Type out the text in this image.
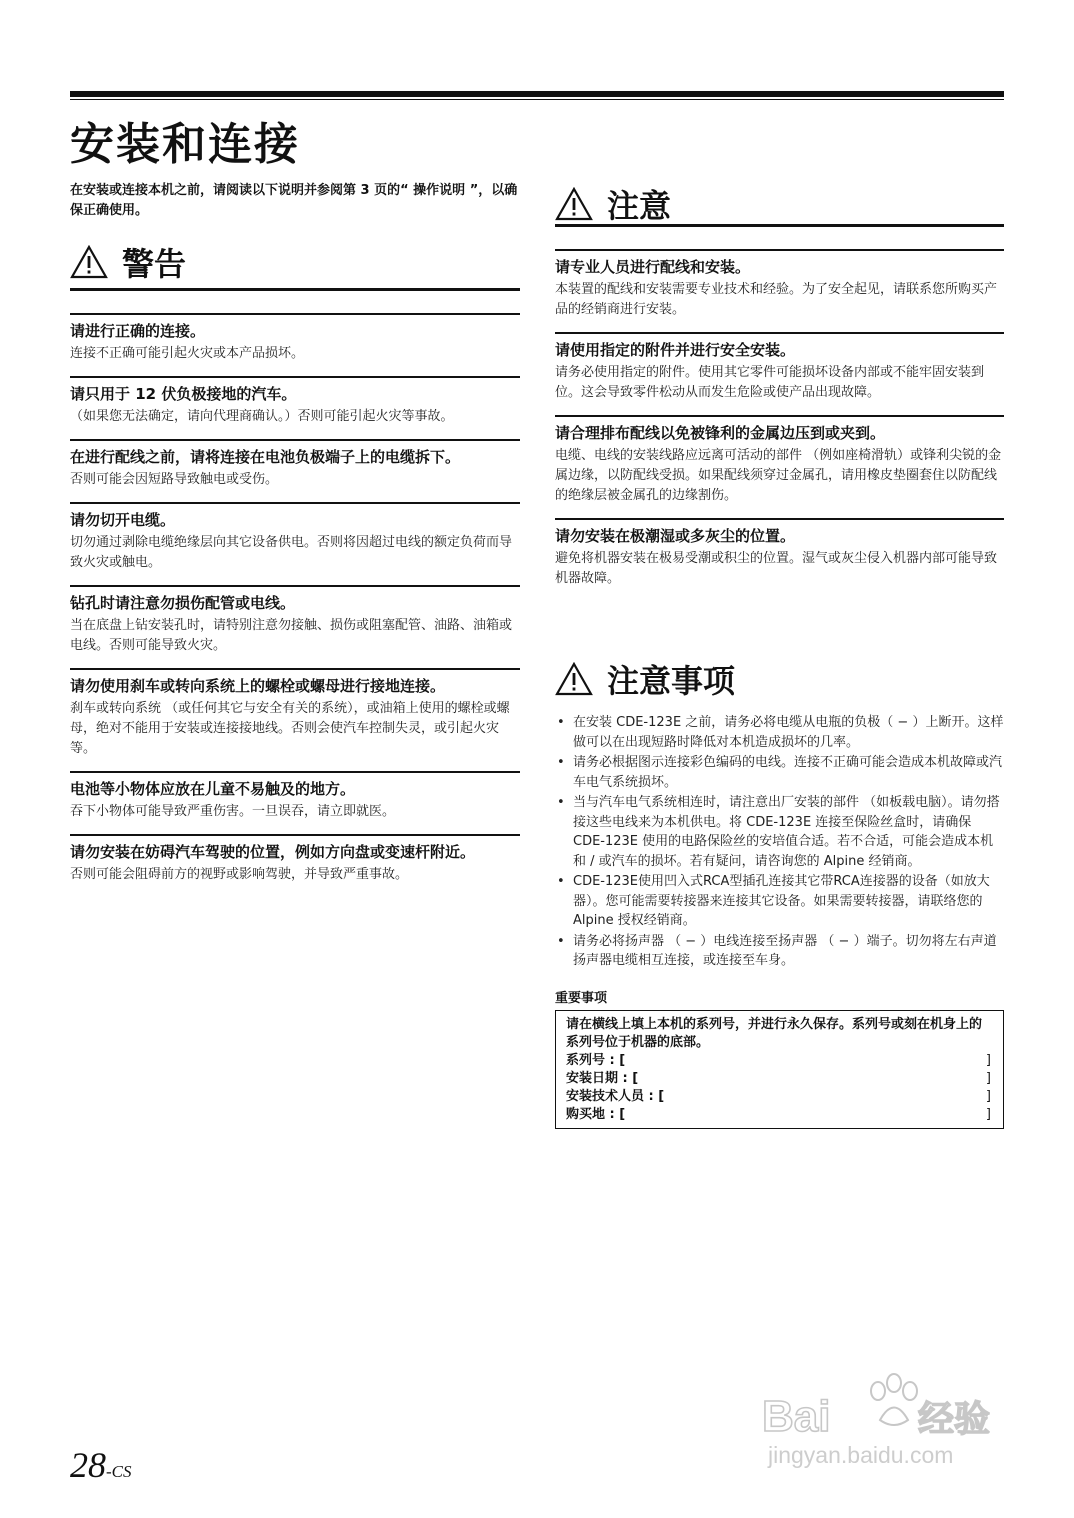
安装和连接
在安装或连接本机之前，请阅读以下说明并参阅第 3 页的“ 操作说明 ”，以确保正确使用。
警告
请进行正确的连接。

连接不正确可能引起火灾或本产品损坏。

请只用于 12 伏负极接地的汽车。

（如果您无法确定，请向代理商确认。）否则可能引起火灾等事故。

在进行配线之前，请将连接在电池负极端子上的电缆拆下。

否则可能会因短路导致触电或受伤。

请勿切开电缆。

切勿通过剥除电缆绝缘层向其它设备供电。否则将因超过电线的额定负荷而导致火灾或触电。

钻孔时请注意勿损伤配管或电线。

当在底盘上钻安装孔时，请特别注意勿接触、损伤或阻塞配管、油路、油箱或电线。否则可能导致火灾。

请勿使用刹车或转向系统上的螺栓或螺母进行接地连接。

刹车或转向系统 （或任何其它与安全有关的系统），或油箱上使用的螺栓或螺母，绝对不能用于安装或连接接地线。否则会使汽车控制失灵，或引起火灾等。

电池等小物体应放在儿童不易触及的地方。

吞下小物体可能导致严重伤害。一旦误吞，请立即就医。

请勿安装在妨碍汽车驾驶的位置，例如方向盘或变速杆附近。

否则可能会阻碍前方的视野或影响驾驶，并导致严重事故。

注意
请专业人员进行配线和安装。

本装置的配线和安装需要专业技术和经验。为了安全起见，请联系您所购买产品的经销商进行安装。

请使用指定的附件并进行安全安装。

请务必使用指定的附件。使用其它零件可能损坏设备内部或不能牢固安装到位。这会导致零件松动从而发生危险或使产品出现故障。

请合理排布配线以免被锋利的金属边压到或夹到。

电缆、电线的安装线路应远离可活动的部件 （例如座椅滑轨）或锋利尖锐的金属边缘，以防配线受损。如果配线须穿过金属孔，请用橡皮垫圈套住以防配线的绝缘层被金属孔的边缘割伤。

请勿安装在极潮湿或多灰尘的位置。

避免将机器安装在极易受潮或积尘的位置。湿气或灰尘侵入机器内部可能导致机器故障。

注意事项
• 在安装 CDE-123E 之前，请务必将电缆从电瓶的负极（ − ）上断开。这样做可以在出现短路时降低对本机造成损坏的几率。
• 请务必根据图示连接彩色编码的电线。连接不正确可能会造成本机故障或汽车电气系统损坏。
• 当与汽车电气系统相连时，请注意出厂安装的部件 （如板载电脑）。请勿搭接这些电线来为本机供电。将 CDE-123E 连接至保险丝盒时，请确保 CDE-123E 使用的电路保险丝的安培值合适。若不合适，可能会造成本机和 / 或汽车的损坏。若有疑问，请咨询您的 Alpine 经销商。
• CDE-123E使用凹入式RCA型插孔连接其它带RCA连接器的设备（如放大器）。您可能需要转接器来连接其它设备。如果需要转接器，请联络您的 Alpine 授权经销商。
• 请务必将扬声器 （ − ）电线连接至扬声器 （ − ）端子。切勿将左右声道扬声器电缆相互连接，或连接至车身。
重要事项
请在横线上填上本机的系列号，并进行永久保存。系列号或刻在机身上的系列号位于机器的底部。
系列号 : [	]
安装日期 : [	]
安装技术人员 : [	]
购买地 : [	]
28-CS
Bai 经验
jingyan.baidu.com
